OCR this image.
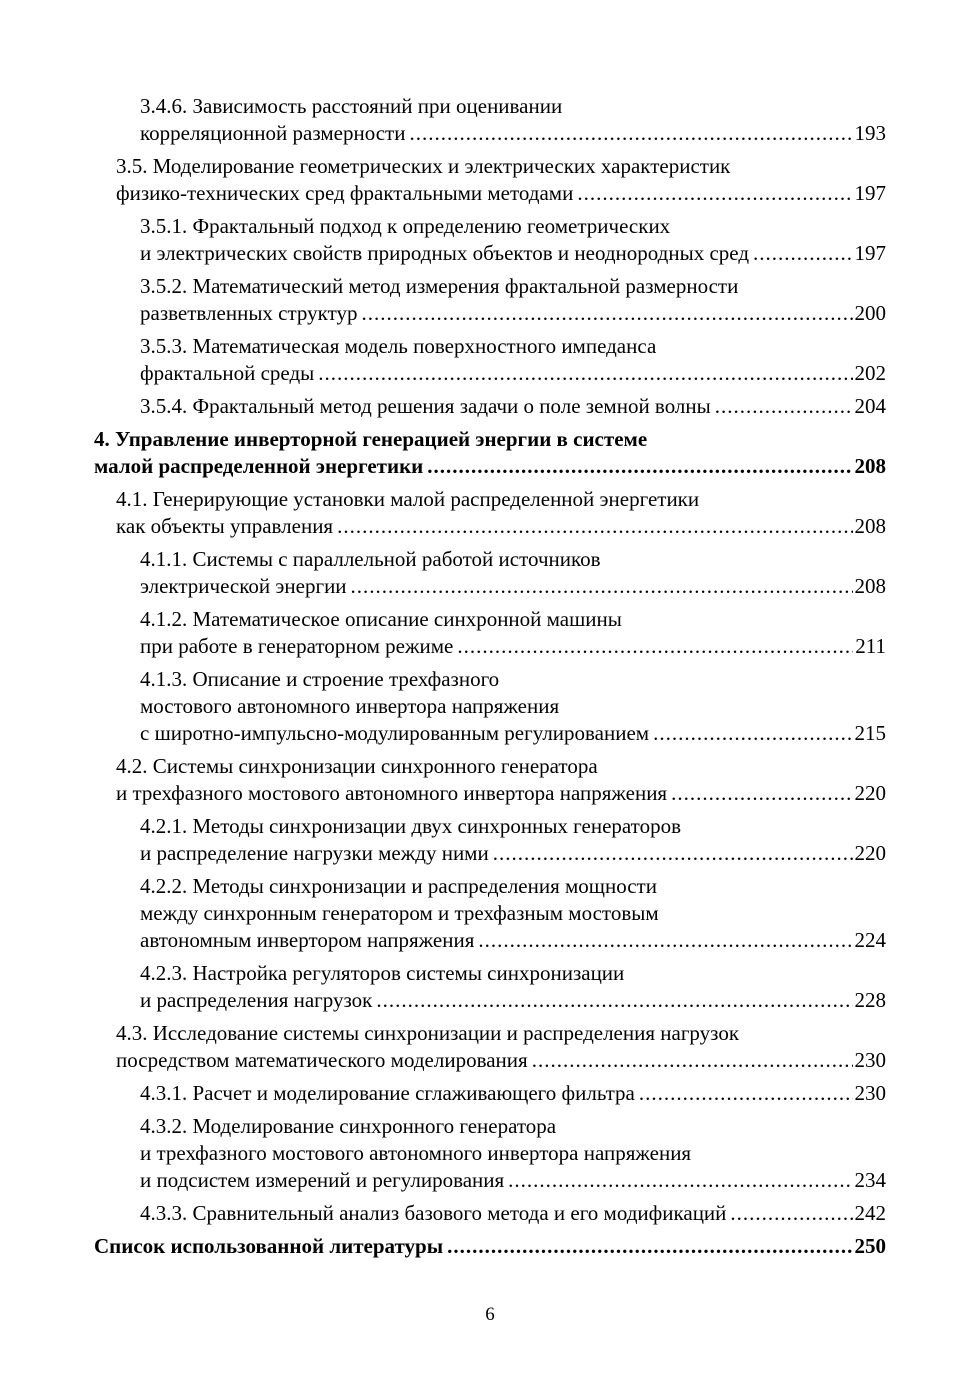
3.4.6. Зависимость расстояний при оценивании
корреляционной размерности .....	193
3.5. Моделирование геометрических и электрических характеристик
физико-технических сред фрактальными методами .....	197
3.5.1. Фрактальный подход к определению геометрических
и электрических свойств природных объектов и неоднородных сред .....	197
3.5.2. Математический метод измерения фрактальной размерности
разветвленных структур .....	200
3.5.3. Математическая модель поверхностного импеданса
фрактальной среды .....	202
3.5.4. Фрактальный метод решения задачи о поле земной волны .....	204
4. Управление инверторной генерацией энергии в системе
малой распределенной энергетики .....	208
4.1. Генерирующие установки малой распределенной энергетики
как объекты управления .....	208
4.1.1. Системы с параллельной работой источников
электрической энергии .....	208
4.1.2. Математическое описание синхронной машины
при работе в генераторном режиме .....	211
4.1.3. Описание и строение трехфазного
мостового автономного инвертора напряжения
с широтно-импульсно-модулированным регулированием .....	215
4.2. Системы синхронизации синхронного генератора
и трехфазного мостового автономного инвертора напряжения .....	220
4.2.1. Методы синхронизации двух синхронных генераторов
и распределение нагрузки между ними .....	220
4.2.2. Методы синхронизации и распределения мощности
между синхронным генератором и трехфазным мостовым
автономным инвертором напряжения .....	224
4.2.3. Настройка регуляторов системы синхронизации
и распределения нагрузок .....	228
4.3. Исследование системы синхронизации и распределения нагрузок
посредством математического моделирования .....	230
4.3.1. Расчет и моделирование сглаживающего фильтра .....	230
4.3.2. Моделирование синхронного генератора
и трехфазного мостового автономного инвертора напряжения
и подсистем измерений и регулирования .....	234
4.3.3. Сравнительный анализ базового метода и его модификаций .....	242
Список использованной литературы .....	250
6
